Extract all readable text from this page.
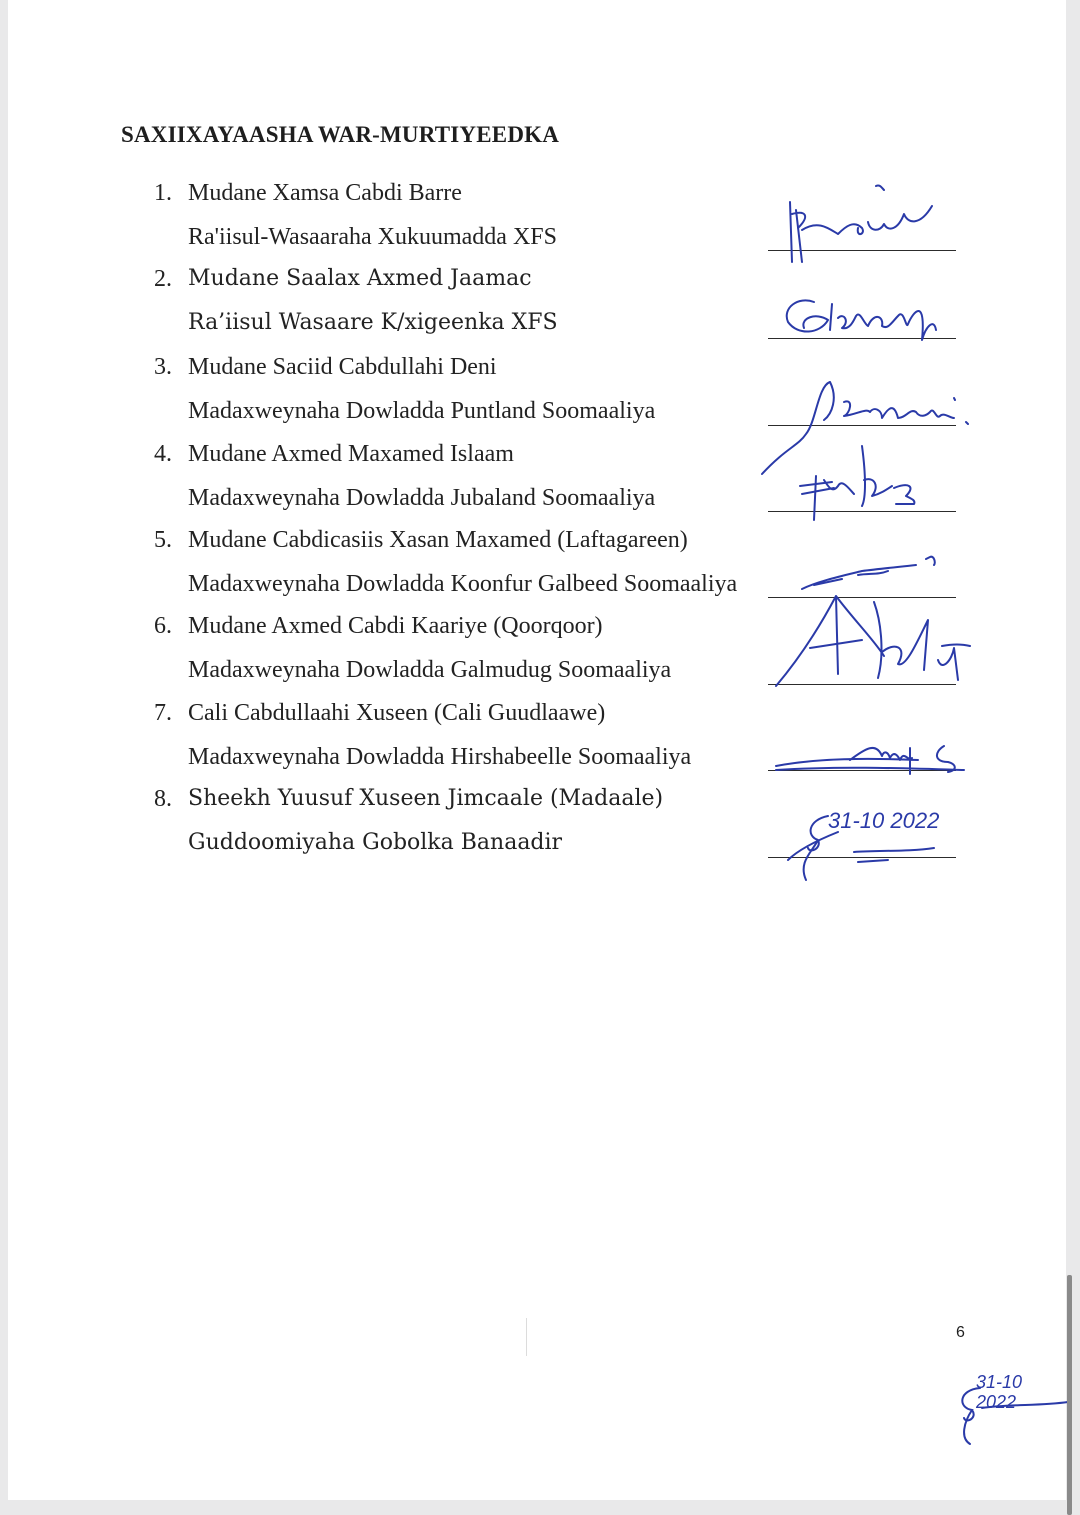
SAXIIXAYAASHA WAR-MURTIYEEDKA
1. Mudane Xamsa Cabdi Barre
Ra'iisul-Wasaaraha Xukuumadda XFS
2. Mudane Saalax Axmed Jaamac
Ra’iisul Wasaare K/xigeenka XFS
3. Mudane Saciid Cabdullahi Deni
Madaxweynaha Dowladda Puntland Soomaaliya
4. Mudane Axmed Maxamed Islaam
Madaxweynaha Dowladda Jubaland Soomaaliya
5. Mudane Cabdicasiis Xasan Maxamed (Laftagareen)
Madaxweynaha Dowladda Koonfur Galbeed Soomaaliya
6. Mudane Axmed Cabdi Kaariye (Qoorqoor)
Madaxweynaha Dowladda Galmudug Soomaaliya
7. Cali Cabdullaahi Xuseen (Cali Guudlaawe)
Madaxweynaha Dowladda Hirshabeelle Soomaaliya
8. Sheekh Yuusuf Xuseen Jimcaale (Madaale)
Guddoomiyaha Gobolka Banaadir
31-10 2022
6
31-10 2022
